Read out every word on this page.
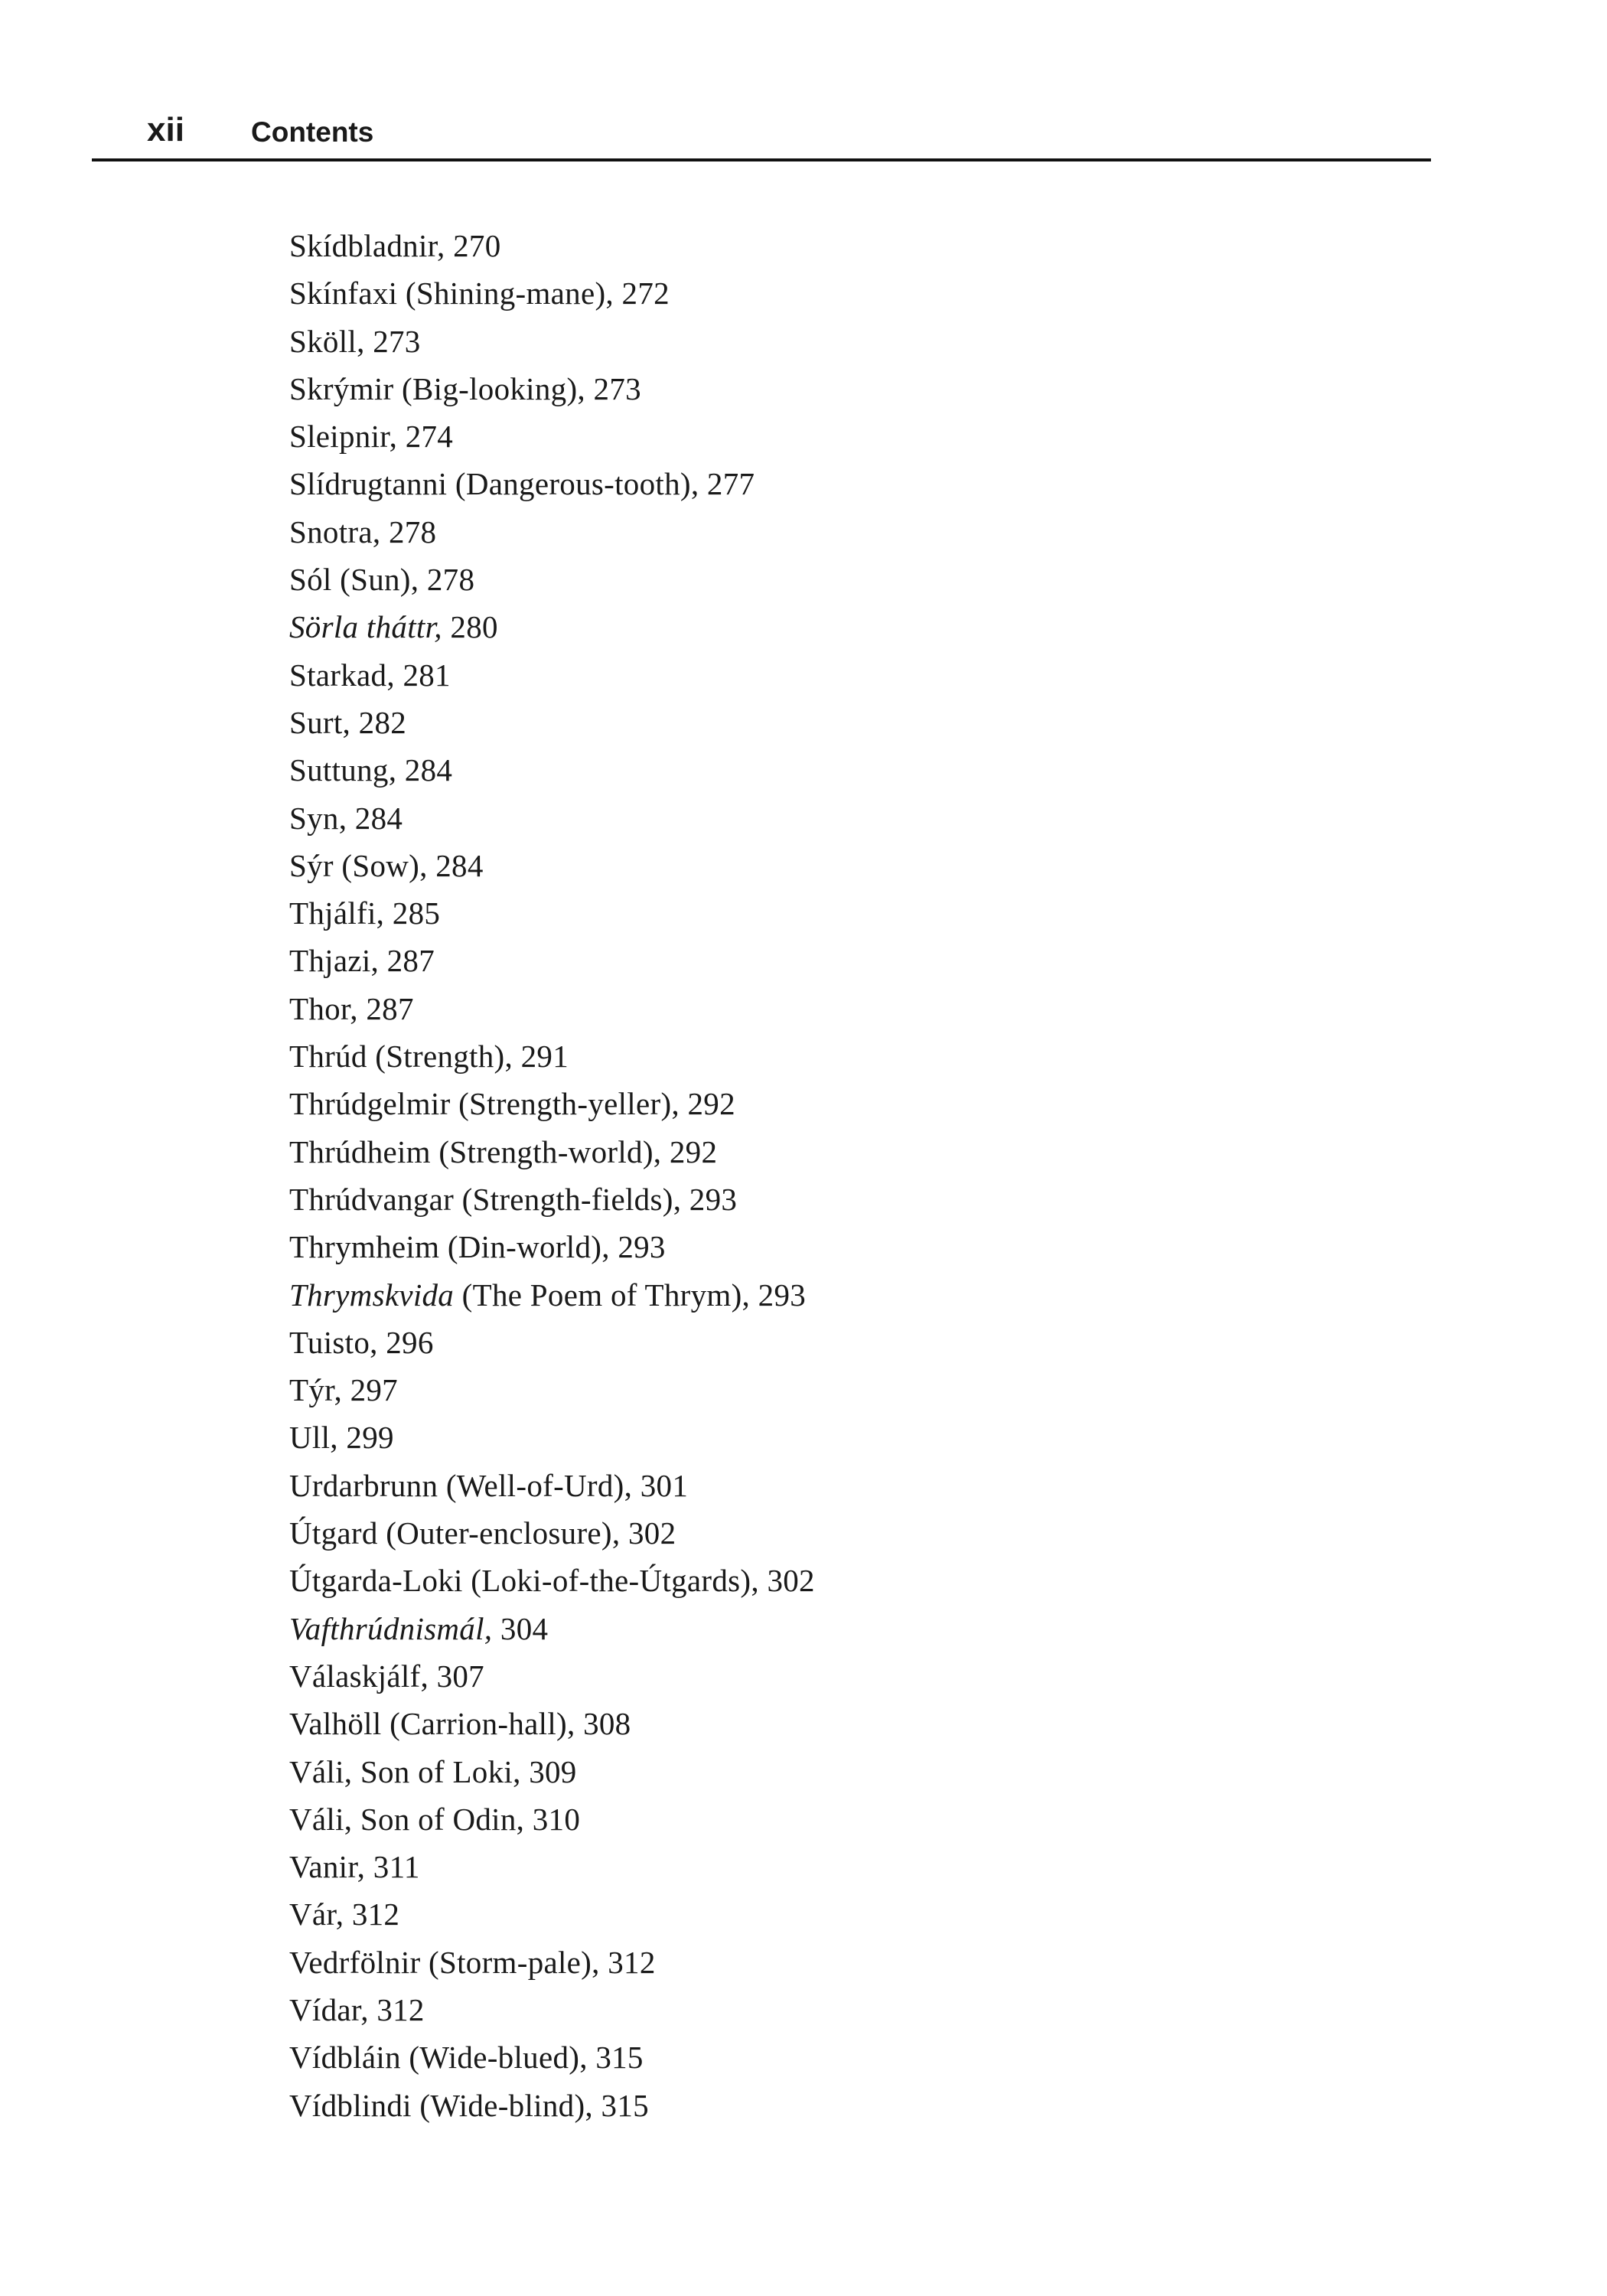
xii Contents
Skídbladnir, 270
Skínfaxi (Shining-mane), 272
Sköll, 273
Skrýmir (Big-looking), 273
Sleipnir, 274
Slídrugtanni (Dangerous-tooth), 277
Snotra, 278
Sól (Sun), 278
Sörla tháttr, 280
Starkad, 281
Surt, 282
Suttung, 284
Syn, 284
Sýr (Sow), 284
Thjálfi, 285
Thjazi, 287
Thor, 287
Thrúd (Strength), 291
Thrúdgelmir (Strength-yeller), 292
Thrúdheim (Strength-world), 292
Thrúdvangar (Strength-fields), 293
Thrymheim (Din-world), 293
Thrymskvida (The Poem of Thrym), 293
Tuisto, 296
Týr, 297
Ull, 299
Urdarbrunn (Well-of-Urd), 301
Útgard (Outer-enclosure), 302
Útgarda-Loki (Loki-of-the-Útgards), 302
Vafthrúdnismál, 304
Válaskjálf, 307
Valhöll (Carrion-hall), 308
Váli, Son of Loki, 309
Váli, Son of Odin, 310
Vanir, 311
Vár, 312
Vedrfölnir (Storm-pale), 312
Vídar, 312
Vídbláin (Wide-blued), 315
Vídblindi (Wide-blind), 315
